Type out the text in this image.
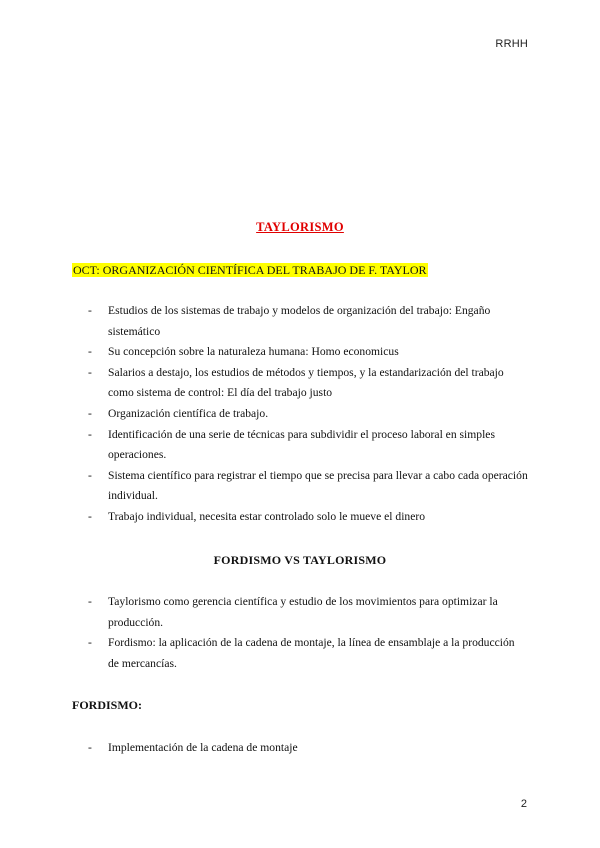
RRHH
TAYLORISMO
OCT: ORGANIZACIÓN CIENTÍFICA DEL TRABAJO DE F. TAYLOR
- Estudios de los sistemas de trabajo y modelos de organización del trabajo: Engaño sistemático
- Su concepción sobre la naturaleza humana: Homo economicus
- Salarios a destajo, los estudios de métodos y tiempos, y la estandarización del trabajo como sistema de control: El día del trabajo justo
- Organización científica de trabajo.
- Identificación de una serie de técnicas para subdividir el proceso laboral en simples operaciones.
- Sistema científico para registrar el tiempo que se precisa para llevar a cabo cada operación individual.
- Trabajo individual, necesita estar controlado solo le mueve el dinero
FORDISMO VS TAYLORISMO
- Taylorismo como gerencia científica y estudio de los movimientos para optimizar la producción.
- Fordismo: la aplicación de la cadena de montaje, la línea de ensamblaje a la producción de mercancías.
FORDISMO:
- Implementación de la cadena de montaje
2
